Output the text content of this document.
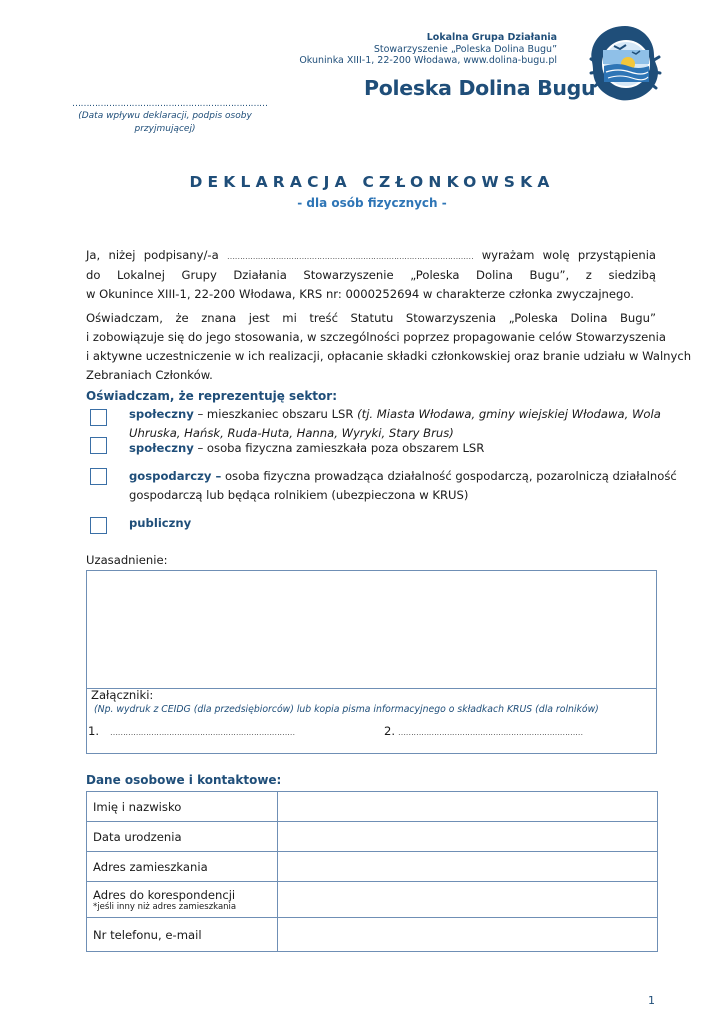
Lokalna Grupa Działania
Stowarzyszenie „Poleska Dolina Bugu”
Okuninka XIII-1, 22-200 Włodawa, www.dolina-bugu.pl
Poleska Dolina Bugu
……………………………………………………………
(Data wpływu deklaracji, podpis osoby przyjmującej)
DEKLARACJA CZŁONKOWSKA
- dla osób fizycznych -
Ja, niżej podpisany/-a …………………………………………………………………………………… wyrażam wolę przystąpienia
do Lokalnej Grupy Działania Stowarzyszenie „Poleska Dolina Bugu”, z siedzibą
w Okunince XIII-1, 22-200 Włodawa, KRS nr: 0000252694 w charakterze członka zwyczajnego.
Oświadczam, że znana jest mi treść Statutu Stowarzyszenia „Poleska Dolina Bugu”
i zobowiązuje się do jego stosowania, w szczególności poprzez propagowanie celów Stowarzyszenia
i aktywne uczestniczenie w ich realizacji, opłacanie składki członkowskiej oraz branie udziału w Walnych
Zebraniach Członków.
Oświadczam, że reprezentuję sektor:
społeczny – mieszkaniec obszaru LSR (tj. Miasta Włodawa, gminy wiejskiej Włodawa, Wola
Uhruska, Hańsk, Ruda-Huta, Hanna, Wyryki, Stary Brus)
społeczny – osoba fizyczna zamieszkała poza obszarem LSR
gospodarczy – osoba fizyczna prowadząca działalność gospodarczą, pozarolniczą działalność
gospodarczą lub będąca rolnikiem (ubezpieczona w KRUS)
publiczny
Uzasadnienie:
Załączniki:
(Np. wydruk z CEIDG (dla przedsiębiorców) lub kopia pisma informacyjnego o składkach KRUS (dla rolników)
1. ………………………………………………………………	2. ………………………………………………………………
Dane osobowe i kontaktowe:
Imię i nazwisko	
Data urodzenia	
Adres zamieszkania	

Adres do korespondencji
*jeśli inny niż adres zamieszkania	

Nr telefonu, e-mail	
1
